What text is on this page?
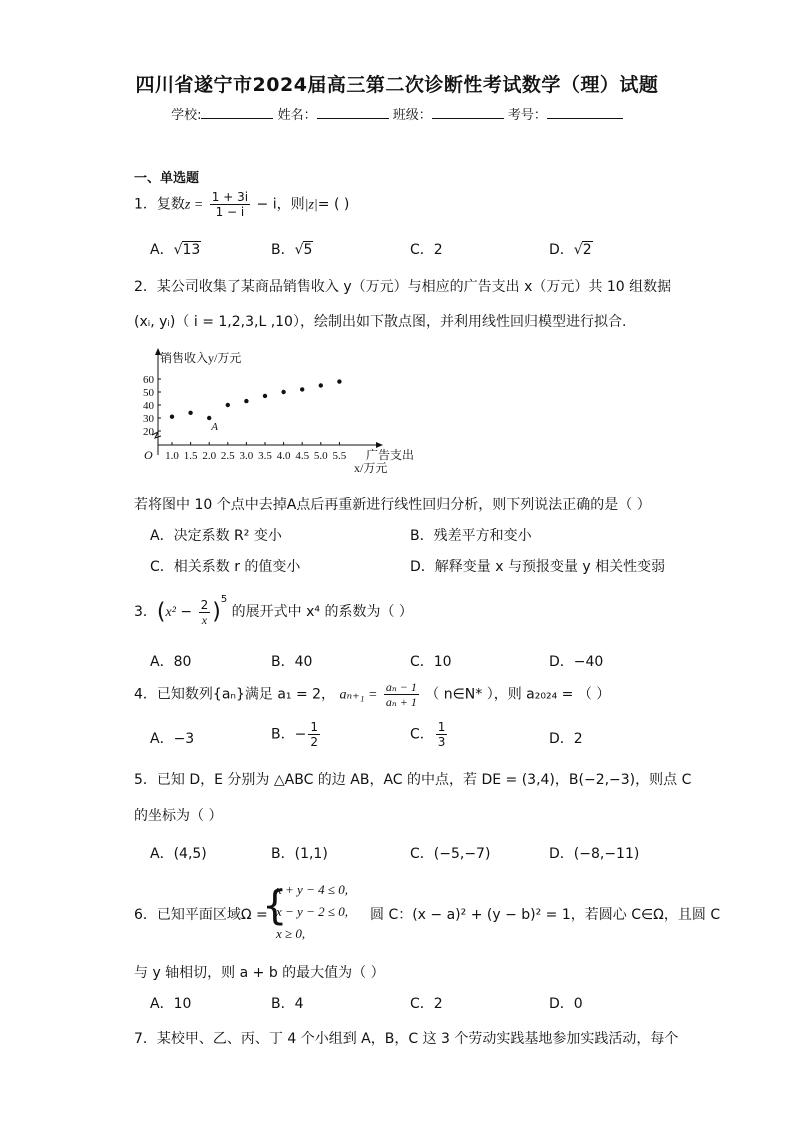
四川省遂宁市2024届高三第二次诊断性考试数学（理）试题
学校:	姓名：	班级：	考号：
一、单选题
1．复数$z = \frac{1 + 3i}{1 - i} - i$，则|z|= ( )
A．√13	B．√5	C．2	D．√2
2．某公司收集了某商品销售收入 y（万元）与相应的广告支出 x（万元）共 10 组数据
(xᵢ, yᵢ)（ i = 1,2,3,L ,10），绘制出如下散点图，并利用线性回归模型进行拟合.
1.0 1.5 2.0 2.5 3.0 3.5 4.0 4.5 5.0 5.5
20
30
40
50
60
A
O
销售收入y/万元
广告支出
x/万元
若将图中 10 个点中去掉A点后再重新进行线性回归分析，则下列说法正确的是（ ）
A．决定系数 R² 变小	B．残差平方和变小
C．相关系数 r 的值变小	D．解释变量 x 与预报变量 y 相关性变弱
3．$(x^2 - \frac{2}{x} )^5$ 的展开式中 x⁴ 的系数为（ ）
A．80	B．40	C．10	D．−40
4．已知数列{aₙ}满足 a₁ = 2， $a_{n+1} = \frac{\text{aₙ − 1}}{\text{aₙ + 1}}$ （ n∈N* ），则 a₂₀₂₄ = （ ）
A．−3	B．− $\frac{1}{2}$	C． $\frac{1}{3}$	D．2
5．已知 D，E 分别为 △ABC 的边 AB，AC 的中点，若 DE = (3,4)，B(−2,−3)，则点 C
的坐标为（ ）
A．(4,5)	B．(1,1)	C．(−5,−7)	D．(−8,−11)
6．已知平面区域Ω =
{
x + y − 4 ≤ 0,
x − y − 2 ≤ 0,
x ≥ 0,
圆 C：(x − a)² + (y − b)² = 1，若圆心 C∈Ω，且圆 C
与 y 轴相切，则 a + b 的最大值为（ ）
A．10	B．4	C．2	D．0
7．某校甲、乙、丙、丁 4 个小组到 A，B，C 这 3 个劳动实践基地参加实践活动，每个
